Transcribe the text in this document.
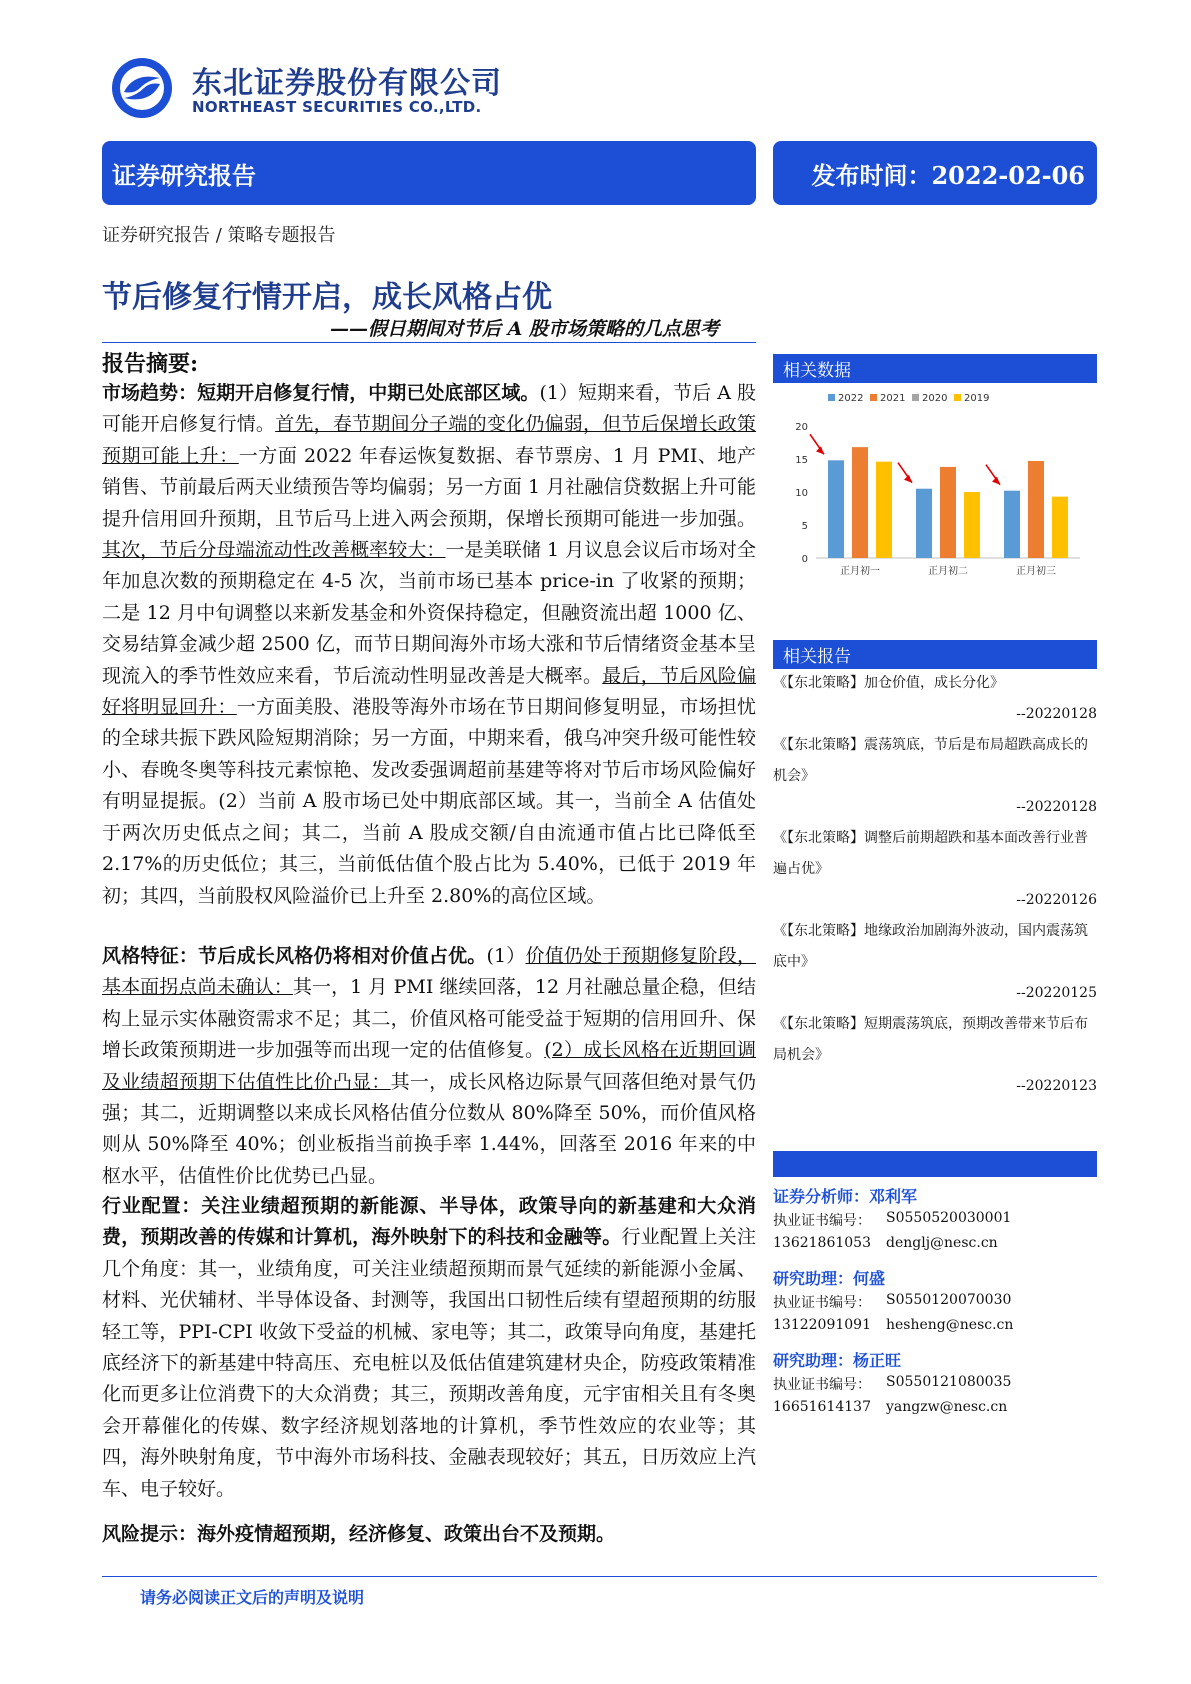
东北证券股份有限公司
NORTHEAST SECURITIES CO.,LTD.
证券研究报告	发布时间：2022-02-06
证券研究报告 / 策略专题报告
节后修复行情开启，成长风格占优
——假日期间对节后 A 股市场策略的几点思考
报告摘要:
市场趋势：短期开启修复行情，中期已处底部区域。(1）短期来看，节后 A 股可能开启修复行情。首先，春节期间分子端的变化仍偏弱，但节后保增长政策预期可能上升：一方面 2022 年春运恢复数据、春节票房、1 月 PMI、地产销售、节前最后两天业绩预告等均偏弱；另一方面 1 月社融信贷数据上升可能提升信用回升预期，且节后马上进入两会预期，保增长预期可能进一步加强。其次，节后分母端流动性改善概率较大：一是美联储 1 月议息会议后市场对全年加息次数的预期稳定在 4-5 次，当前市场已基本 price-in 了收紧的预期；二是 12 月中旬调整以来新发基金和外资保持稳定，但融资流出超 1000 亿、交易结算金减少超 2500 亿，而节日期间海外市场大涨和节后情绪资金基本呈现流入的季节性效应来看，节后流动性明显改善是大概率。最后，节后风险偏好将明显回升：一方面美股、港股等海外市场在节日期间修复明显，市场担忧的全球共振下跌风险短期消除；另一方面，中期来看，俄乌冲突升级可能性较小、春晚冬奥等科技元素惊艳、发改委强调超前基建等将对节后市场风险偏好有明显提振。(2）当前 A 股市场已处中期底部区域。其一，当前全 A 估值处于两次历史低点之间；其二，当前 A 股成交额/自由流通市值占比已降低至 2.17%的历史低位；其三，当前低估值个股占比为 5.40%，已低于 2019 年初；其四，当前股权风险溢价已上升至 2.80%的高位区域。
风格特征：节后成长风格仍将相对价值占优。(1）价值仍处于预期修复阶段，基本面拐点尚未确认：其一，1 月 PMI 继续回落，12 月社融总量企稳，但结构上显示实体融资需求不足；其二，价值风格可能受益于短期的信用回升、保增长政策预期进一步加强等而出现一定的估值修复。(2）成长风格在近期回调及业绩超预期下估值性比价凸显：其一，成长风格边际景气回落但绝对景气仍强；其二，近期调整以来成长风格估值分位数从 80%降至 50%，而价值风格则从 50%降至 40%；创业板指当前换手率 1.44%，回落至 2016 年来的中枢水平，估值性价比优势已凸显。
行业配置：关注业绩超预期的新能源、半导体，政策导向的新基建和大众消费，预期改善的传媒和计算机，海外映射下的科技和金融等。行业配置上关注几个角度：其一，业绩角度，可关注业绩超预期而景气延续的新能源小金属、材料、光伏辅材、半导体设备、封测等，我国出口韧性后续有望超预期的纺服轻工等，PPI-CPI 收敛下受益的机械、家电等；其二，政策导向角度，基建托底经济下的新基建中特高压、充电桩以及低估值建筑建材央企，防疫政策精准化而更多让位消费下的大众消费；其三，预期改善角度，元宇宙相关且有冬奥会开幕催化的传媒、数字经济规划落地的计算机，季节性效应的农业等；其四，海外映射角度，节中海外市场科技、金融表现较好；其五，日历效应上汽车、电子较好。
风险提示：海外疫情超预期，经济修复、政策出台不及预期。
相关数据
2022 2021 2020 2019
0
5
10
15
20
正月初一	正月初二	正月初三
相关报告
《【东北策略】加仓价值，成长分化》
--20220128
《【东北策略】震荡筑底，节后是布局超跌高成长的机会》
--20220128
《【东北策略】调整后前期超跌和基本面改善行业普遍占优》
--20220126
《【东北策略】地缘政治加剧海外波动，国内震荡筑底中》
--20220125
《【东北策略】短期震荡筑底，预期改善带来节后布局机会》
--20220123
证券分析师：邓利军
执业证书编号： S0550520030001
13621861053 denglj@nesc.cn
研究助理：何盛
执业证书编号： S0550120070030
13122091091 hesheng@nesc.cn
研究助理：杨正旺
执业证书编号： S0550121080035
16651614137 yangzw@nesc.cn
请务必阅读正文后的声明及说明
